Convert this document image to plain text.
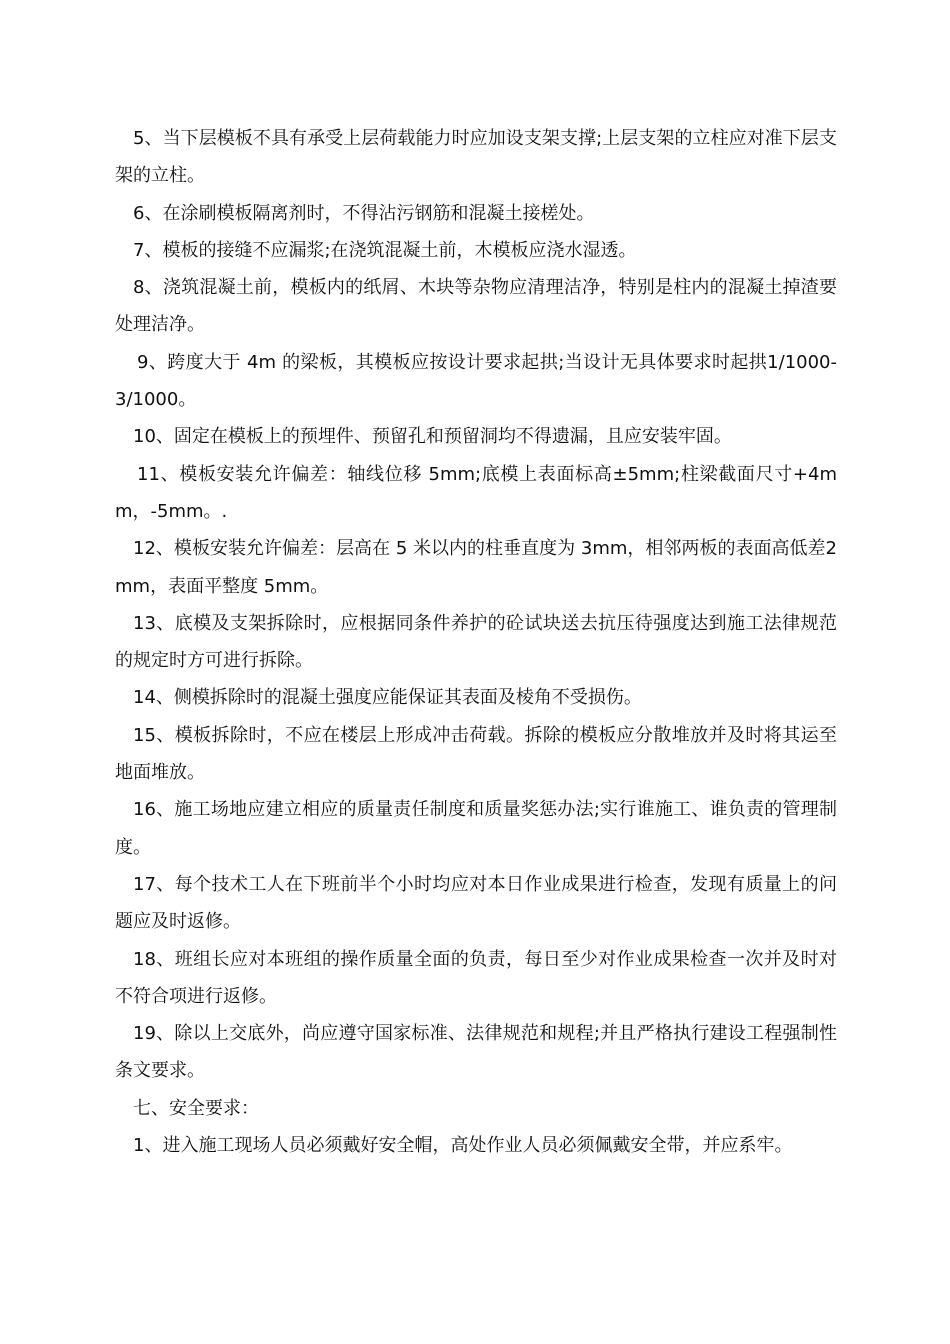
5、当下层模板不具有承受上层荷载能力时应加设支架支撑;上层支架的立柱应对准下层支架的立柱。

6、在涂刷模板隔离剂时，不得沾污钢筋和混凝土接槎处。

7、模板的接缝不应漏浆;在浇筑混凝土前，木模板应浇水湿透。

8、浇筑混凝土前，模板内的纸屑、木块等杂物应清理洁净，特别是柱内的混凝土掉渣要处理洁净。

9、跨度大于 4m 的梁板，其模板应按设计要求起拱;当设计无具体要求时起拱1/1000-3/1000。

10、固定在模板上的预埋件、预留孔和预留洞均不得遗漏，且应安装牢固。

11、模板安装允许偏差：轴线位移 5mm;底模上表面标高±5mm;柱梁截面尺寸+4mm，-5mm。.

12、模板安装允许偏差：层高在 5 米以内的柱垂直度为 3mm，相邻两板的表面高低差2mm，表面平整度 5mm。

13、底模及支架拆除时，应根据同条件养护的砼试块送去抗压待强度达到施工法律规范的规定时方可进行拆除。

14、侧模拆除时的混凝土强度应能保证其表面及棱角不受损伤。

15、模板拆除时，不应在楼层上形成冲击荷载。拆除的模板应分散堆放并及时将其运至地面堆放。

16、施工场地应建立相应的质量责任制度和质量奖惩办法;实行谁施工、谁负责的管理制度。

17、每个技术工人在下班前半个小时均应对本日作业成果进行检查，发现有质量上的问题应及时返修。

18、班组长应对本班组的操作质量全面的负责，每日至少对作业成果检查一次并及时对不符合项进行返修。

19、除以上交底外，尚应遵守国家标准、法律规范和规程;并且严格执行建设工程强制性条文要求。

七、安全要求：

1、进入施工现场人员必须戴好安全帽，高处作业人员必须佩戴安全带，并应系牢。
